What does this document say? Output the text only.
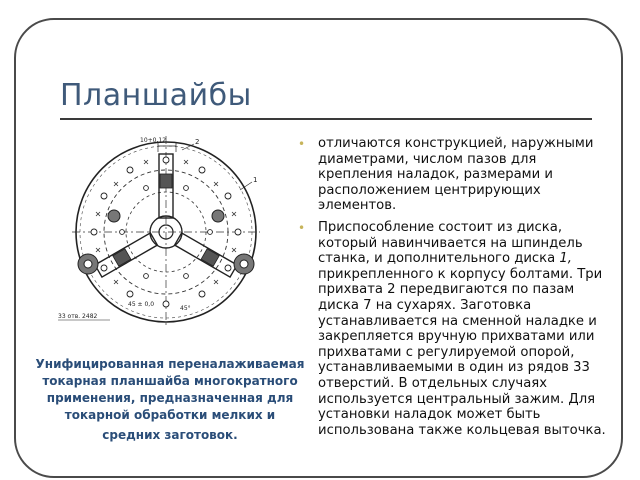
Планшайбы
10+0,12	2
1
45 ± 0,0
45°
33 отв. 2482
Унифицированная переналаживаемая
токарная планшайба многократного
применения, предназначенная для
токарной обработки мелких и
средних заготовок.
• отличаются конструкцией, наружными диаметрами, числом пазов для крепления наладок, размерами и расположением центрирующих элементов.
• Приспособление состоит из диска, который навинчивается на шпиндель станка, и дополнительного диска 1, прикрепленного к корпусу болтами. Три прихвата 2 передвигаются по пазам диска 7 на сухарях. Заготовка устанавливается на сменной наладке и закрепляется вручную прихватами или прихватами с регулируемой опорой, устанавливаемыми в один из рядов 33 отверстий. В отдельных случаях используется центральный зажим. Для установки наладок может быть использована также кольцевая выточка.
